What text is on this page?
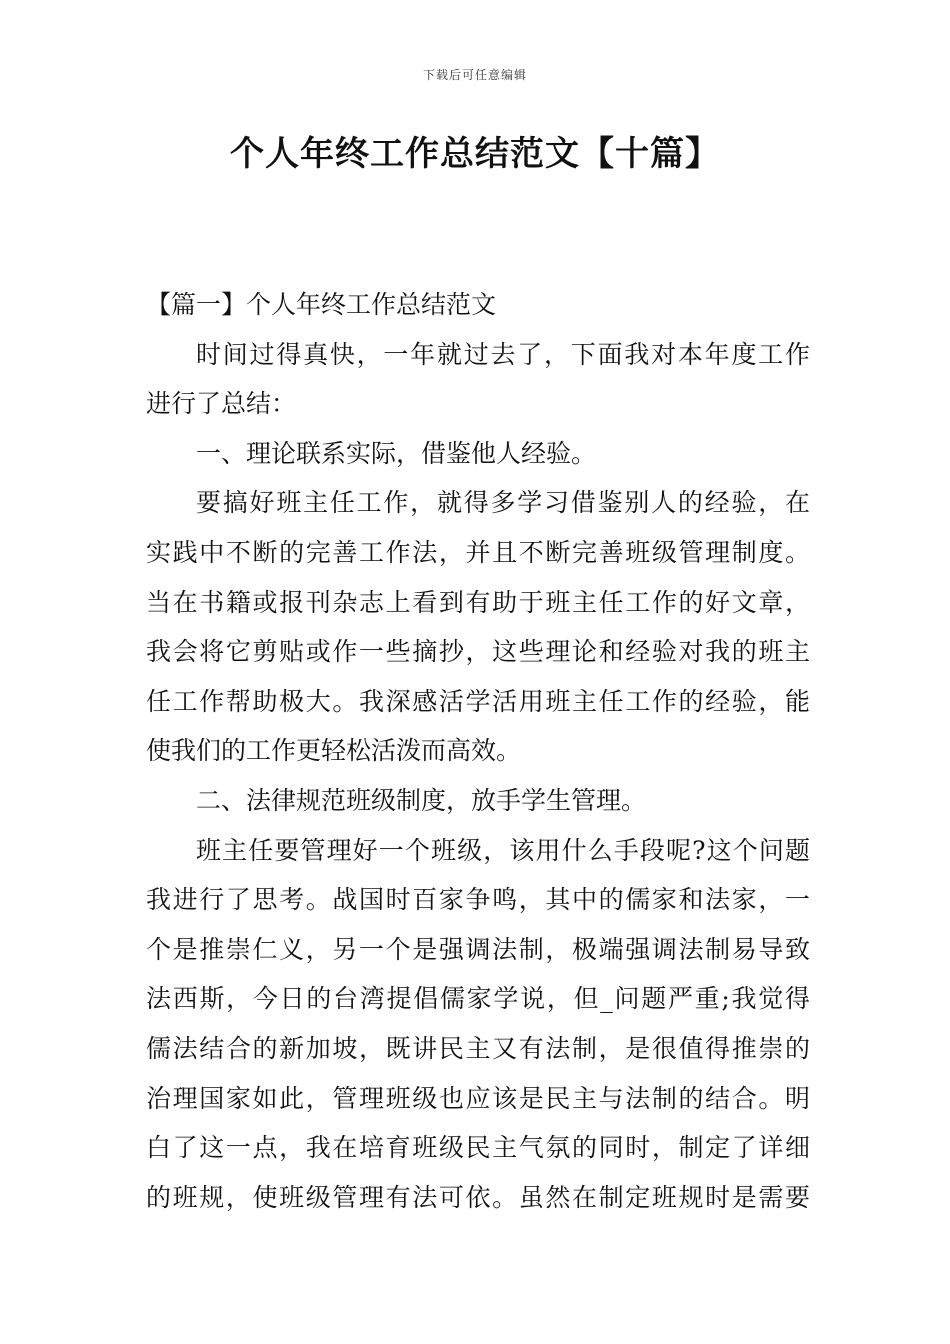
下载后可任意编辑
个人年终工作总结范文【十篇】
【篇一】个人年终工作总结范文
时间过得真快，一年就过去了，下面我对本年度工作
进行了总结：
一、理论联系实际，借鉴他人经验。
要搞好班主任工作，就得多学习借鉴别人的经验，在
实践中不断的完善工作法，并且不断完善班级管理制度。
当在书籍或报刊杂志上看到有助于班主任工作的好文章，
我会将它剪贴或作一些摘抄，这些理论和经验对我的班主
任工作帮助极大。我深感活学活用班主任工作的经验，能
使我们的工作更轻松活泼而高效。
二、法律规范班级制度，放手学生管理。
班主任要管理好一个班级，该用什么手段呢?这个问题
我进行了思考。战国时百家争鸣，其中的儒家和法家，一
个是推崇仁义，另一个是强调法制，极端强调法制易导致
法西斯，今日的台湾提倡儒家学说，但_问题严重;我觉得
儒法结合的新加坡，既讲民主又有法制，是很值得推崇的
治理国家如此，管理班级也应该是民主与法制的结合。明
白了这一点，我在培育班级民主气氛的同时，制定了详细
的班规，使班级管理有法可依。虽然在制定班规时是需要
